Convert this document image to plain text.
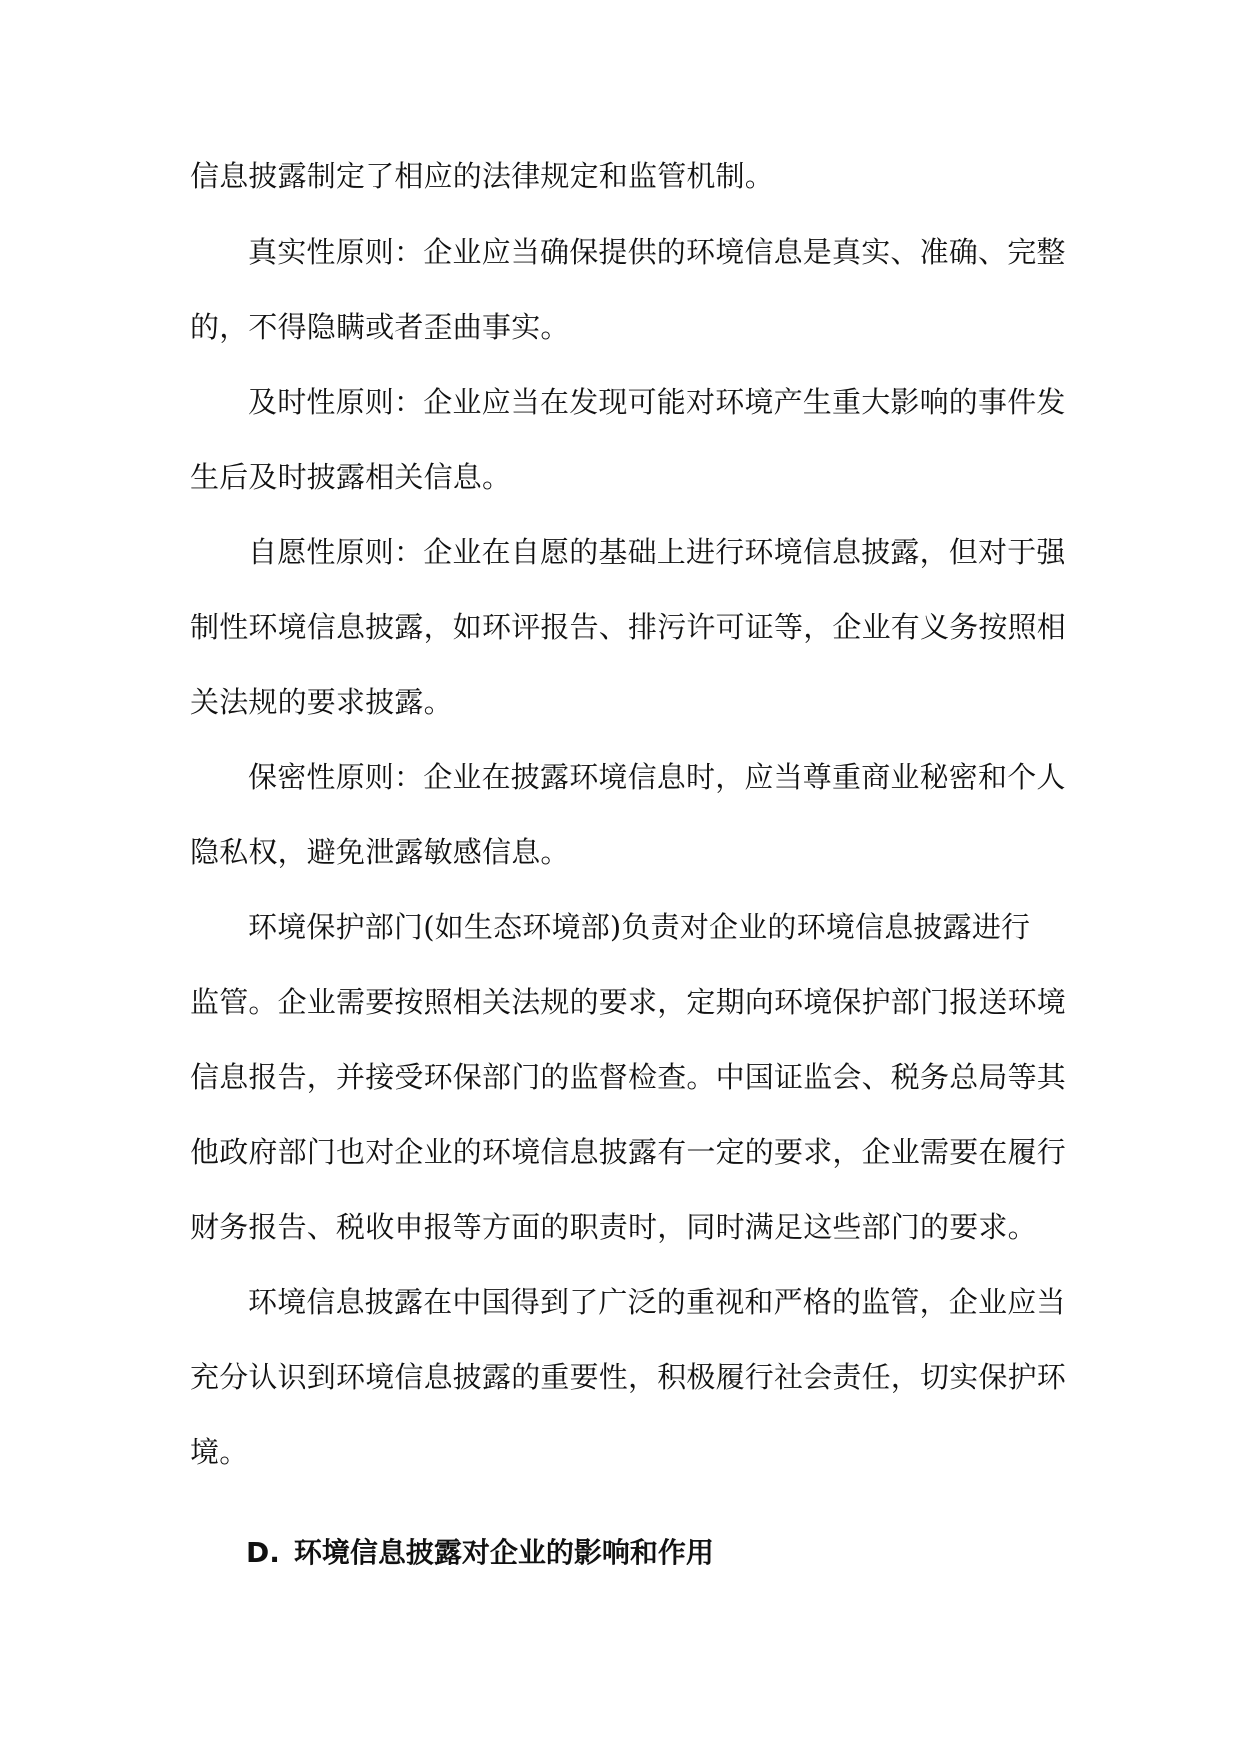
信息披露制定了相应的法律规定和监管机制。
真实性原则：企业应当确保提供的环境信息是真实、准确、完整
的，不得隐瞒或者歪曲事实。
及时性原则：企业应当在发现可能对环境产生重大影响的事件发
生后及时披露相关信息。
自愿性原则：企业在自愿的基础上进行环境信息披露，但对于强
制性环境信息披露，如环评报告、排污许可证等，企业有义务按照相
关法规的要求披露。
保密性原则：企业在披露环境信息时，应当尊重商业秘密和个人
隐私权，避免泄露敏感信息。
环境保护部门(如生态环境部)负责对企业的环境信息披露进行
监管。企业需要按照相关法规的要求，定期向环境保护部门报送环境
信息报告，并接受环保部门的监督检查。中国证监会、税务总局等其
他政府部门也对企业的环境信息披露有一定的要求，企业需要在履行
财务报告、税收申报等方面的职责时，同时满足这些部门的要求。
环境信息披露在中国得到了广泛的重视和严格的监管，企业应当
充分认识到环境信息披露的重要性，积极履行社会责任，切实保护环
境。
D. 环境信息披露对企业的影响和作用
